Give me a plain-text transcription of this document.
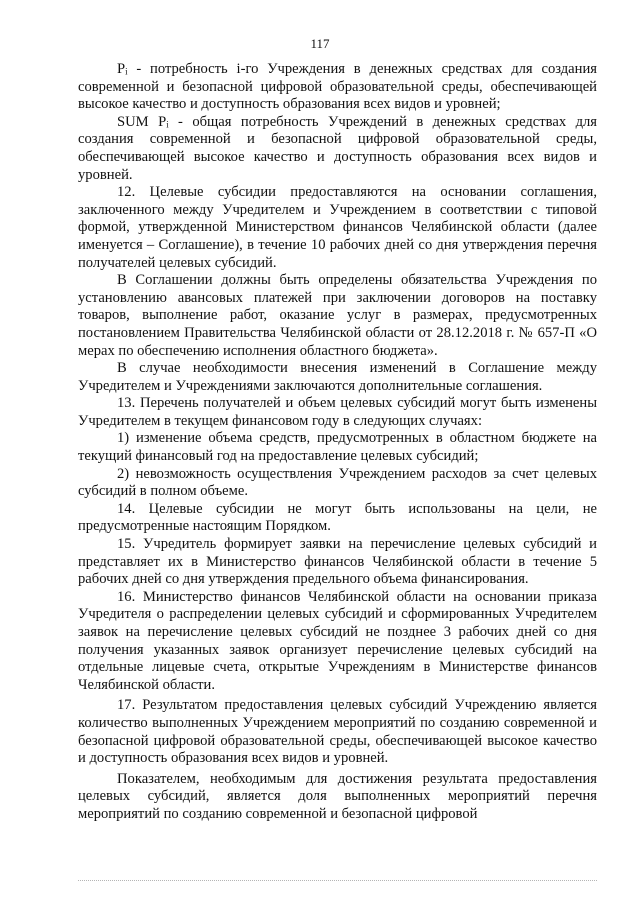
117

Pᵢ - потребность i-го Учреждения в денежных средствах для создания современной и безопасной цифровой образовательной среды, обеспечивающей высокое качество и доступность образования всех видов и уровней;

SUM Pᵢ - общая потребность Учреждений в денежных средствах для создания современной и безопасной цифровой образовательной среды, обеспечивающей высокое качество и доступность образования всех видов и уровней.

12. Целевые субсидии предоставляются на основании соглашения, заключенного между Учредителем и Учреждением в соответствии с типовой формой, утвержденной Министерством финансов Челябинской области (далее именуется – Соглашение), в течение 10 рабочих дней со дня утверждения перечня получателей целевых субсидий.

В Соглашении должны быть определены обязательства Учреждения по установлению авансовых платежей при заключении договоров на поставку товаров, выполнение работ, оказание услуг в размерах, предусмотренных постановлением Правительства Челябинской области от 28.12.2018 г. № 657-П «О мерах по обеспечению исполнения областного бюджета».

В случае необходимости внесения изменений в Соглашение между Учредителем и Учреждениями заключаются дополнительные соглашения.

13. Перечень получателей и объем целевых субсидий могут быть изменены Учредителем в текущем финансовом году в следующих случаях:

1) изменение объема средств, предусмотренных в областном бюджете на текущий финансовый год на предоставление целевых субсидий;

2) невозможность осуществления Учреждением расходов за счет целевых субсидий в полном объеме.

14. Целевые субсидии не могут быть использованы на цели, не предусмотренные настоящим Порядком.

15. Учредитель формирует заявки на перечисление целевых субсидий и представляет их в Министерство финансов Челябинской области в течение 5 рабочих дней со дня утверждения предельного объема финансирования.

16. Министерство финансов Челябинской области на основании приказа Учредителя о распределении целевых субсидий и сформированных Учредителем заявок на перечисление целевых субсидий не позднее 3 рабочих дней со дня получения указанных заявок организует перечисление целевых субсидий на отдельные лицевые счета, открытые Учреждениям в Министерстве финансов Челябинской области.

17. Результатом предоставления целевых субсидий Учреждению является количество выполненных Учреждением мероприятий по созданию современной и безопасной цифровой образовательной среды, обеспечивающей высокое качество и доступность образования всех видов и уровней.

Показателем, необходимым для достижения результата предоставления целевых субсидий, является доля выполненных мероприятий перечня мероприятий по созданию современной и безопасной цифровой
